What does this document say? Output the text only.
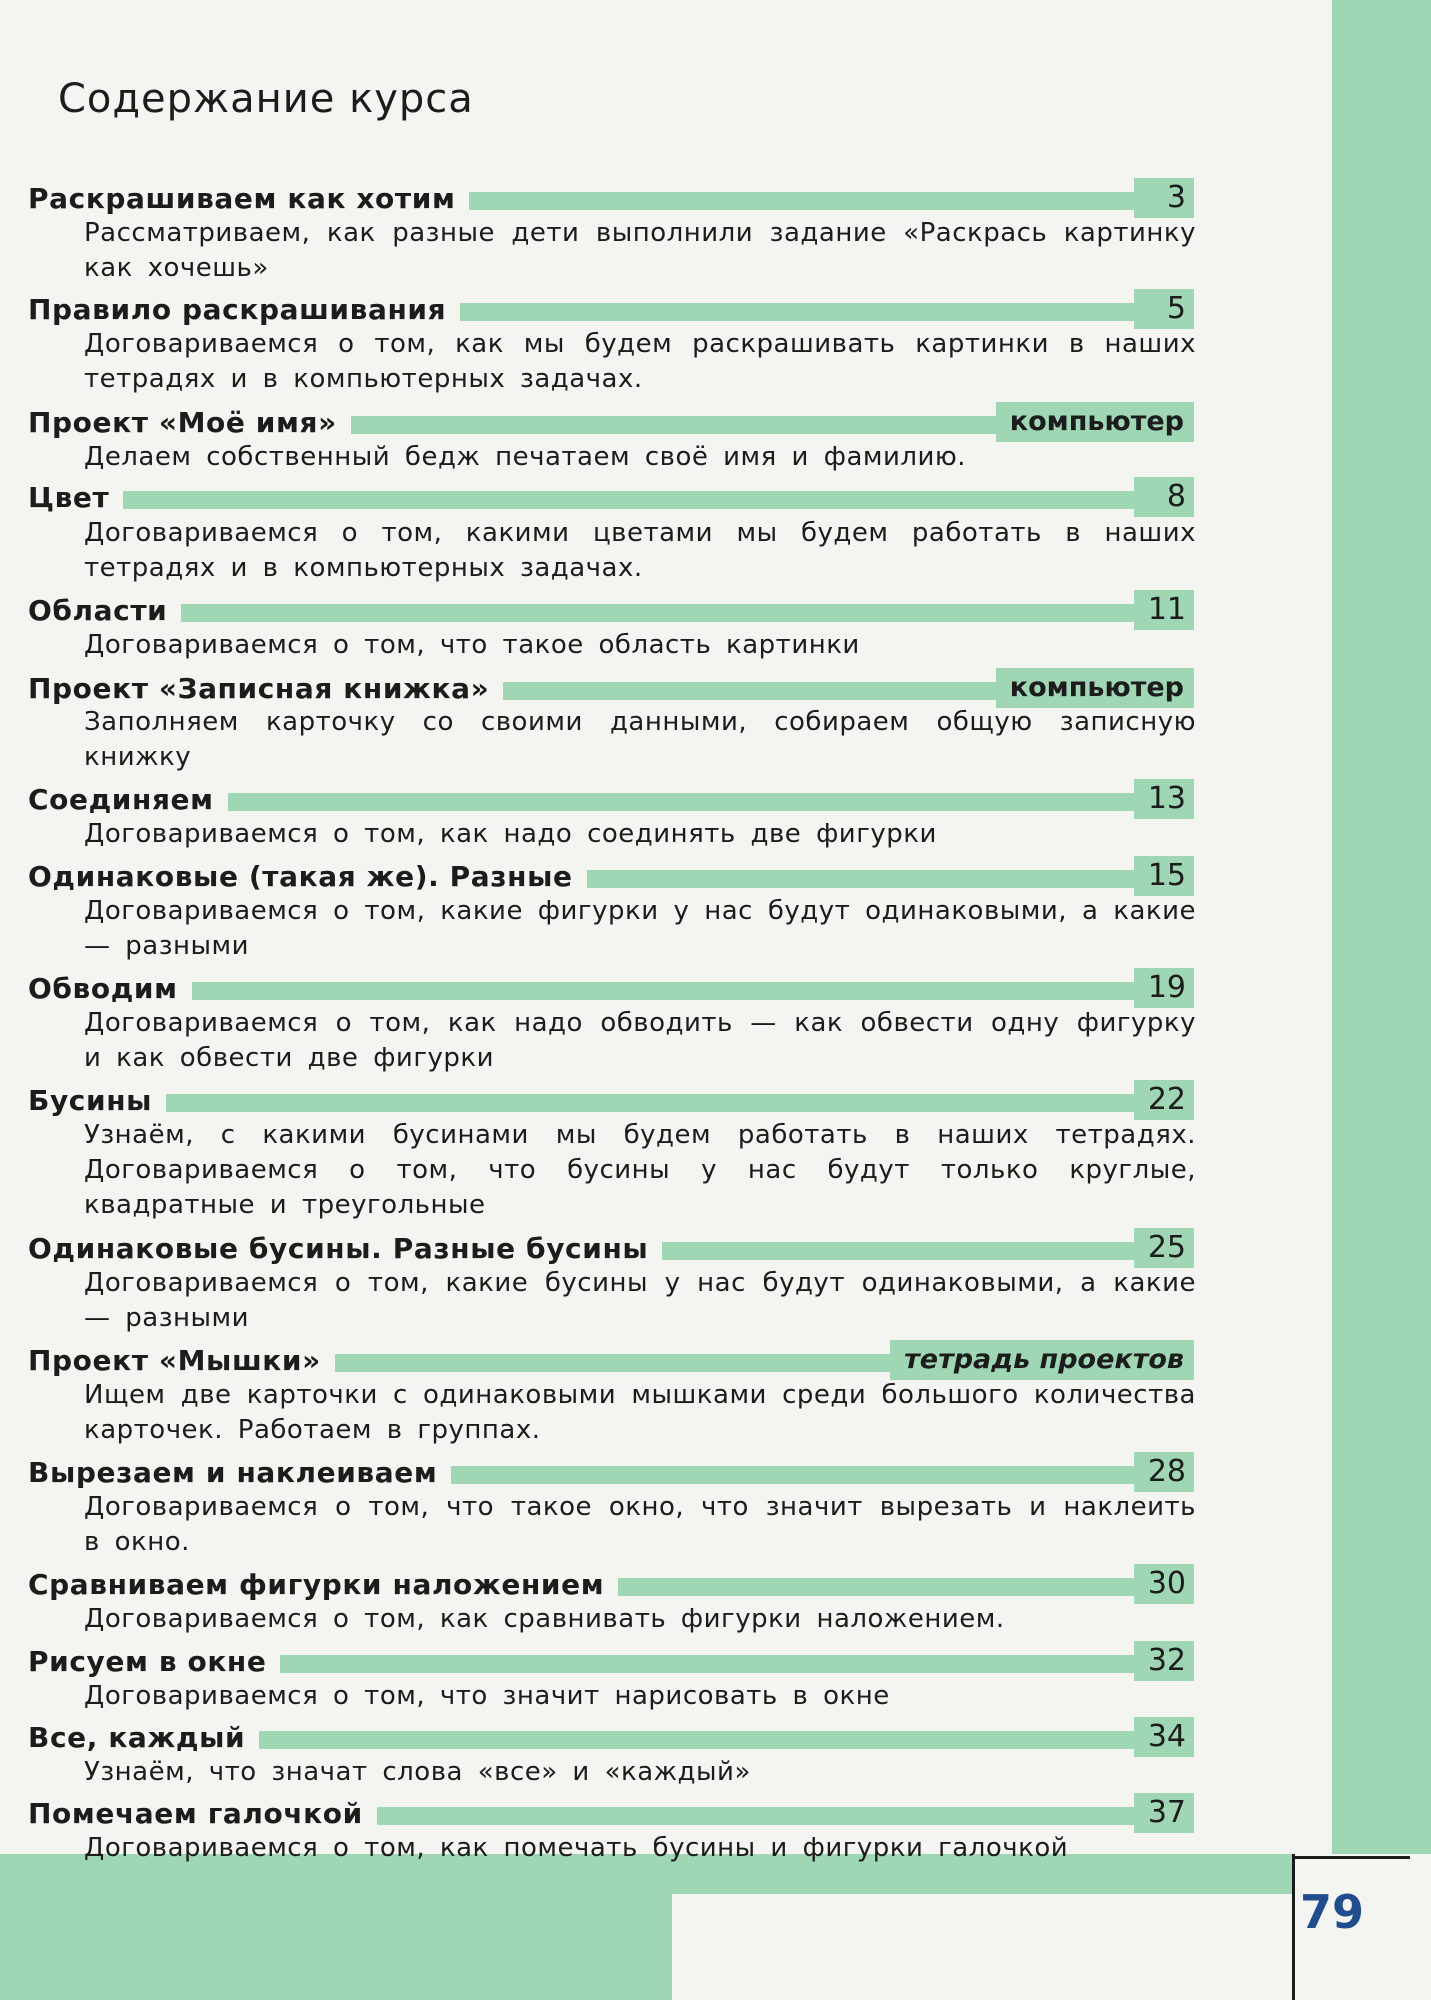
79
Содержание курса
Раскрашиваем как хотим	3
Рассматриваем, как разные дети выполнили задание «Раскрась картинку как хочешь»
Правило раскрашивания	5
Договариваемся о том, как мы будем раскрашивать картинки в наших тетрадях и в компьютерных задачах.
Проект «Моё имя»	компьютер
Делаем собственный бедж печатаем своё имя и фамилию.
Цвет	8
Договариваемся о том, какими цветами мы будем работать в наших тетрадях и в компьютерных задачах.
Области	11
Договариваемся о том, что такое область картинки
Проект «Записная книжка»	компьютер
Заполняем карточку со своими данными, собираем общую записную книжку
Соединяем	13
Договариваемся о том, как надо соединять две фигурки
Одинаковые (такая же). Разные	15
Договариваемся о том, какие фигурки у нас будут одинаковыми, а какие — разными
Обводим	19
Договариваемся о том, как надо обводить — как обвести одну фигурку и как обвести две фигурки
Бусины	22
Узнаём, с какими бусинами мы будем работать в наших тетрадях. Договариваемся о том, что бусины у нас будут только круглые, квадратные и треугольные
Одинаковые бусины. Разные бусины	25
Договариваемся о том, какие бусины у нас будут одинаковыми, а какие — разными
Проект «Мышки»	тетрадь проектов
Ищем две карточки с одинаковыми мышками среди большого количества карточек. Работаем в группах.
Вырезаем и наклеиваем	28
Договариваемся о том, что такое окно, что значит вырезать и наклеить в окно.
Сравниваем фигурки наложением	30
Договариваемся о том, как сравнивать фигурки наложением.
Рисуем в окне	32
Договариваемся о том, что значит нарисовать в окне
Все, каждый	34
Узнаём, что значат слова «все» и «каждый»
Помечаем галочкой	37
Договариваемся о том, как помечать бусины и фигурки галочкой
